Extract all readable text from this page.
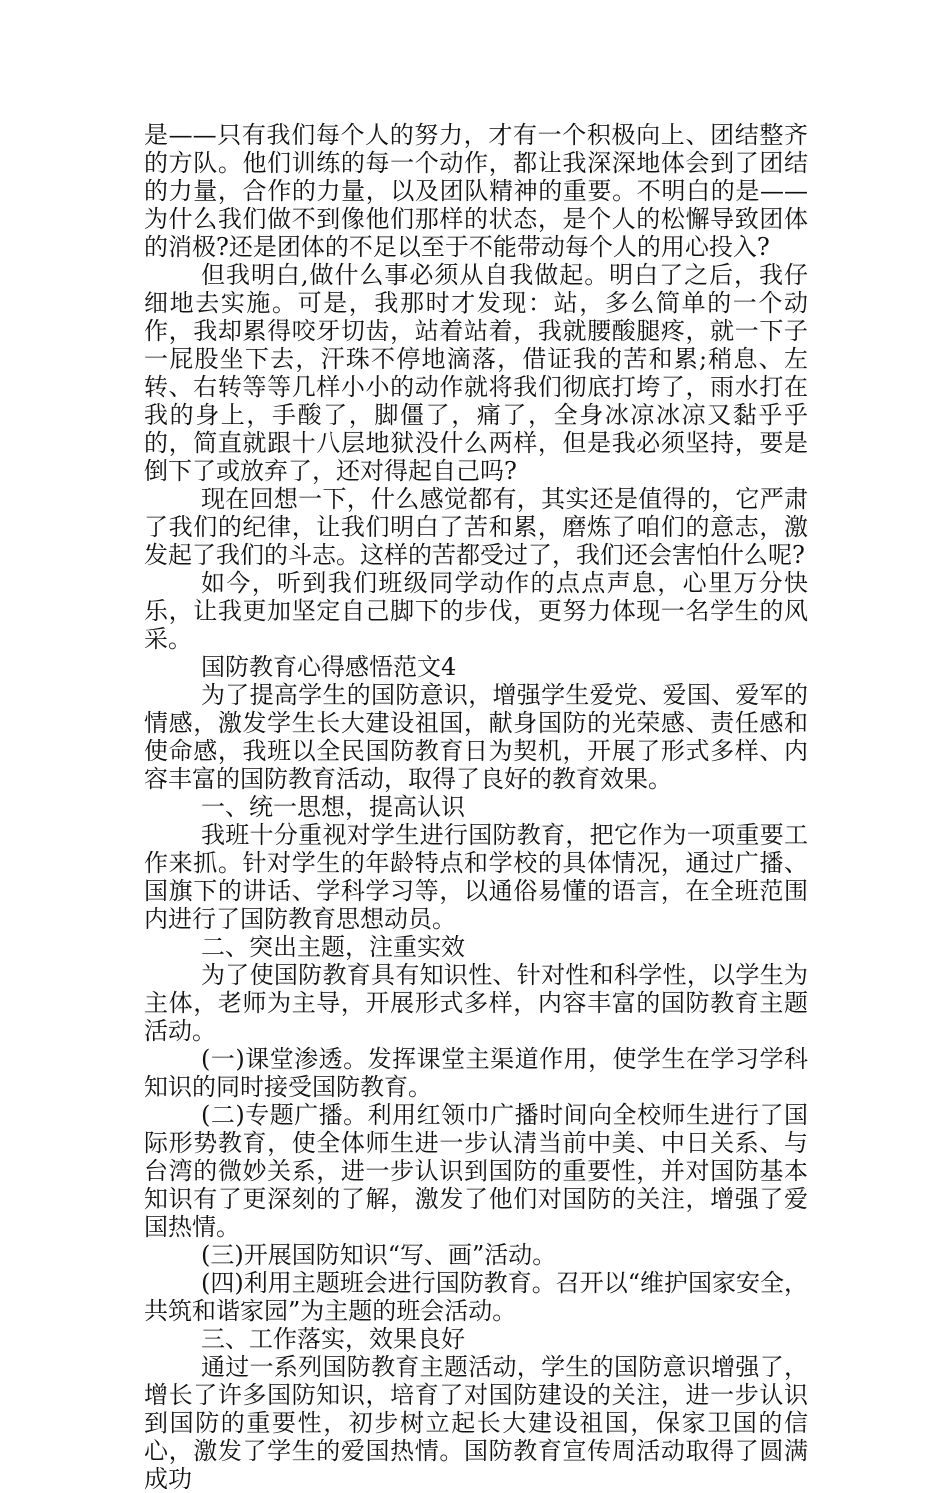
是——只有我们每个人的努力，才有一个积极向上、团结整齐的方队。他们训练的每一个动作，都让我深深地体会到了团结的力量，合作的力量，以及团队精神的重要。不明白的是——为什么我们做不到像他们那样的状态，是个人的松懈导致团体的消极?还是团体的不足以至于不能带动每个人的用心投入?

但我明白,做什么事必须从自我做起。明白了之后，我仔细地去实施。可是，我那时才发现：站，多么简单的一个动作，我却累得咬牙切齿，站着站着，我就腰酸腿疼，就一下子一屁股坐下去，汗珠不停地滴落，借证我的苦和累;稍息、左转、右转等等几样小小的动作就将我们彻底打垮了，雨水打在我的身上，手酸了，脚僵了，痛了，全身冰凉冰凉又黏乎乎的，简直就跟十八层地狱没什么两样，但是我必须坚持，要是倒下了或放弃了，还对得起自己吗?

现在回想一下，什么感觉都有，其实还是值得的，它严肃了我们的纪律，让我们明白了苦和累，磨炼了咱们的意志，激发起了我们的斗志。这样的苦都受过了，我们还会害怕什么呢?

如今，听到我们班级同学动作的点点声息，心里万分快乐，让我更加坚定自己脚下的步伐，更努力体现一名学生的风采。

国防教育心得感悟范文4

为了提高学生的国防意识，增强学生爱党、爱国、爱军的情感，激发学生长大建设祖国，献身国防的光荣感、责任感和使命感，我班以全民国防教育日为契机，开展了形式多样、内容丰富的国防教育活动，取得了良好的教育效果。

一、统一思想，提高认识

我班十分重视对学生进行国防教育，把它作为一项重要工作来抓。针对学生的年龄特点和学校的具体情况，通过广播、国旗下的讲话、学科学习等，以通俗易懂的语言，在全班范围内进行了国防教育思想动员。

二、突出主题，注重实效

为了使国防教育具有知识性、针对性和科学性，以学生为主体，老师为主导，开展形式多样，内容丰富的国防教育主题活动。

(一)课堂渗透。发挥课堂主渠道作用，使学生在学习学科知识的同时接受国防教育。

(二)专题广播。利用红领巾广播时间向全校师生进行了国际形势教育，使全体师生进一步认清当前中美、中日关系、与台湾的微妙关系，进一步认识到国防的重要性，并对国防基本知识有了更深刻的了解，激发了他们对国防的关注，增强了爱国热情。

(三)开展国防知识“写、画”活动。

(四)利用主题班会进行国防教育。召开以“维护国家安全，共筑和谐家园”为主题的班会活动。

三、工作落实，效果良好

通过一系列国防教育主题活动，学生的国防意识增强了，增长了许多国防知识，培育了对国防建设的关注，进一步认识到国防的重要性，初步树立起长大建设祖国，保家卫国的信心，激发了学生的爱国热情。国防教育宣传周活动取得了圆满成功
